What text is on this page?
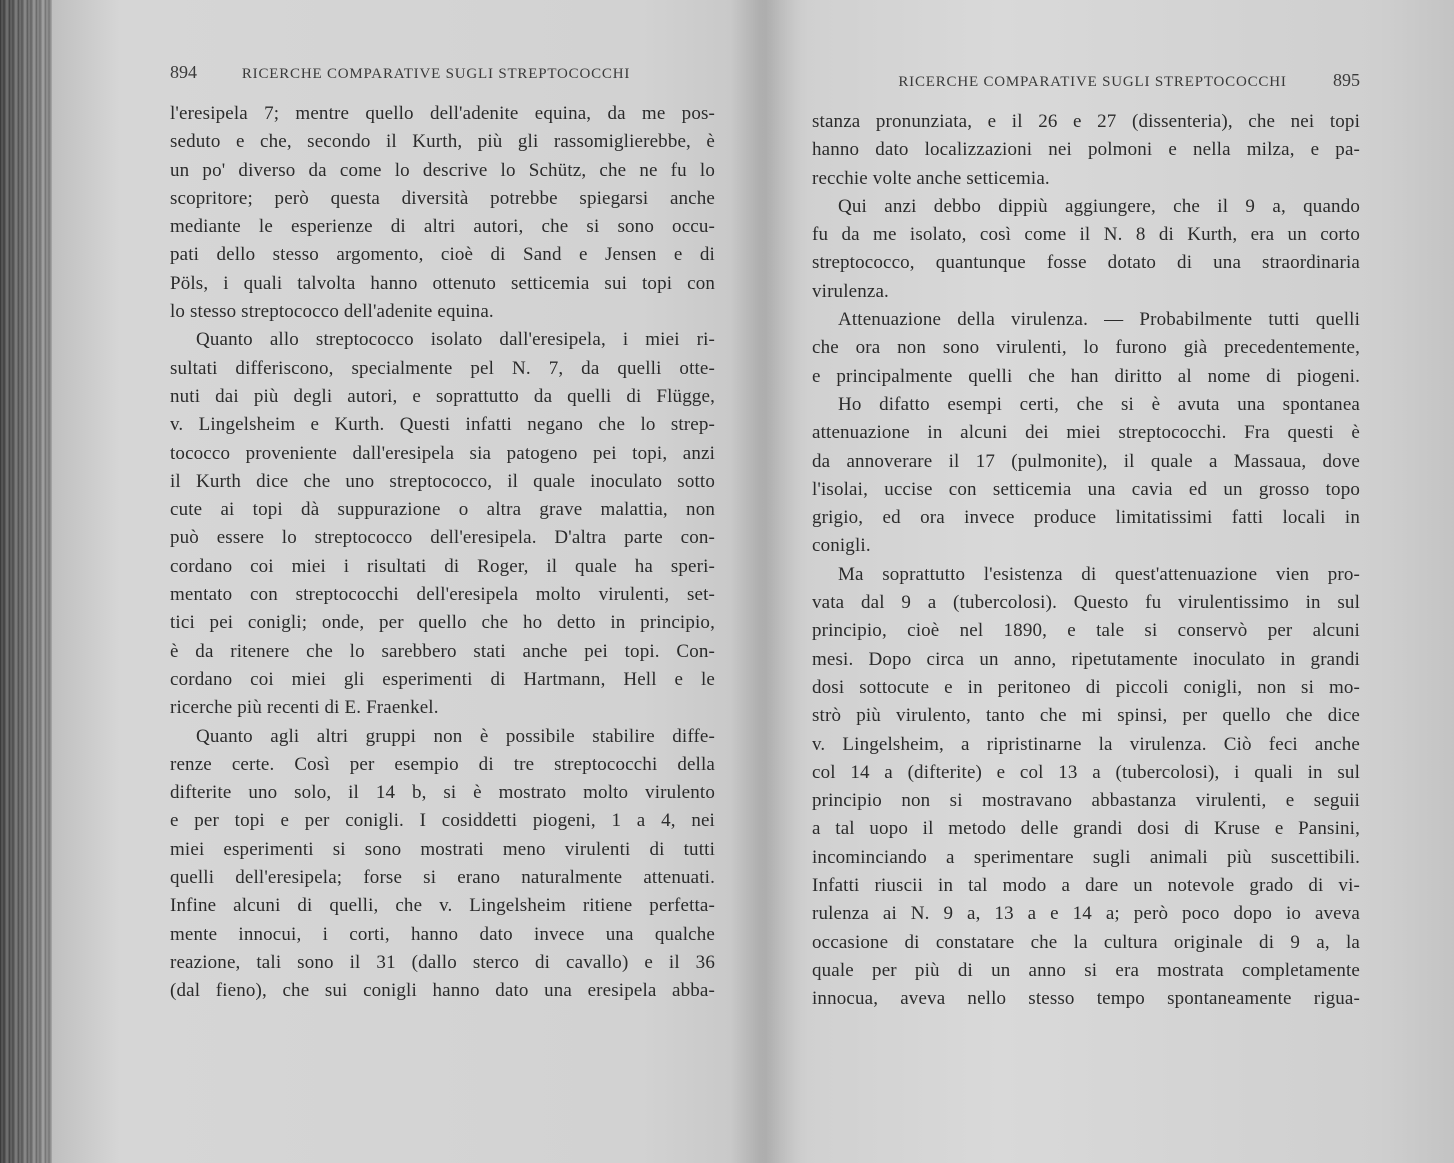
894	RICERCHE COMPARATIVE SUGLI STREPTOCOCCHI
l'eresipela 7; mentre quello dell'adenite equina, da me pos-
seduto e che, secondo il Kurth, più gli rassomiglierebbe, è
un po' diverso da come lo descrive lo Schütz, che ne fu lo
scopritore; però questa diversità potrebbe spiegarsi anche
mediante le esperienze di altri autori, che si sono occu-
pati dello stesso argomento, cioè di Sand e Jensen e di
Pöls, i quali talvolta hanno ottenuto setticemia sui topi con
lo stesso streptococco dell'adenite equina.
Quanto allo streptococco isolato dall'eresipela, i miei ri-
sultati differiscono, specialmente pel N. 7, da quelli otte-
nuti dai più degli autori, e soprattutto da quelli di Flügge,
v. Lingelsheim e Kurth. Questi infatti negano che lo strep-
tococco proveniente dall'eresipela sia patogeno pei topi, anzi
il Kurth dice che uno streptococco, il quale inoculato sotto
cute ai topi dà suppurazione o altra grave malattia, non
può essere lo streptococco dell'eresipela. D'altra parte con-
cordano coi miei i risultati di Roger, il quale ha speri-
mentato con streptococchi dell'eresipela molto virulenti, set-
tici pei conigli; onde, per quello che ho detto in principio,
è da ritenere che lo sarebbero stati anche pei topi. Con-
cordano coi miei gli esperimenti di Hartmann, Hell e le
ricerche più recenti di E. Fraenkel.
Quanto agli altri gruppi non è possibile stabilire diffe-
renze certe. Così per esempio di tre streptococchi della
difterite uno solo, il 14 b, si è mostrato molto virulento
e per topi e per conigli. I cosiddetti piogeni, 1 a 4, nei
miei esperimenti si sono mostrati meno virulenti di tutti
quelli dell'eresipela; forse si erano naturalmente attenuati.
Infine alcuni di quelli, che v. Lingelsheim ritiene perfetta-
mente innocui, i corti, hanno dato invece una qualche
reazione, tali sono il 31 (dallo sterco di cavallo) e il 36
(dal fieno), che sui conigli hanno dato una eresipela abba-
RICERCHE COMPARATIVE SUGLI STREPTOCOCCHI	895
stanza pronunziata, e il 26 e 27 (dissenteria), che nei topi
hanno dato localizzazioni nei polmoni e nella milza, e pa-
recchie volte anche setticemia.
Qui anzi debbo dippiù aggiungere, che il 9 a, quando
fu da me isolato, così come il N. 8 di Kurth, era un corto
streptococco, quantunque fosse dotato di una straordinaria
virulenza.
Attenuazione della virulenza. — Probabilmente tutti quelli
che ora non sono virulenti, lo furono già precedentemente,
e principalmente quelli che han diritto al nome di piogeni.
Ho difatto esempi certi, che si è avuta una spontanea
attenuazione in alcuni dei miei streptococchi. Fra questi è
da annoverare il 17 (pulmonite), il quale a Massaua, dove
l'isolai, uccise con setticemia una cavia ed un grosso topo
grigio, ed ora invece produce limitatissimi fatti locali in
conigli.
Ma soprattutto l'esistenza di quest'attenuazione vien pro-
vata dal 9 a (tubercolosi). Questo fu virulentissimo in sul
principio, cioè nel 1890, e tale si conservò per alcuni
mesi. Dopo circa un anno, ripetutamente inoculato in grandi
dosi sottocute e in peritoneo di piccoli conigli, non si mo-
strò più virulento, tanto che mi spinsi, per quello che dice
v. Lingelsheim, a ripristinarne la virulenza. Ciò feci anche
col 14 a (difterite) e col 13 a (tubercolosi), i quali in sul
principio non si mostravano abbastanza virulenti, e seguii
a tal uopo il metodo delle grandi dosi di Kruse e Pansini,
incominciando a sperimentare sugli animali più suscettibili.
Infatti riuscii in tal modo a dare un notevole grado di vi-
rulenza ai N. 9 a, 13 a e 14 a; però poco dopo io aveva
occasione di constatare che la cultura originale di 9 a, la
quale per più di un anno si era mostrata completamente
innocua, aveva nello stesso tempo spontaneamente rigua-
